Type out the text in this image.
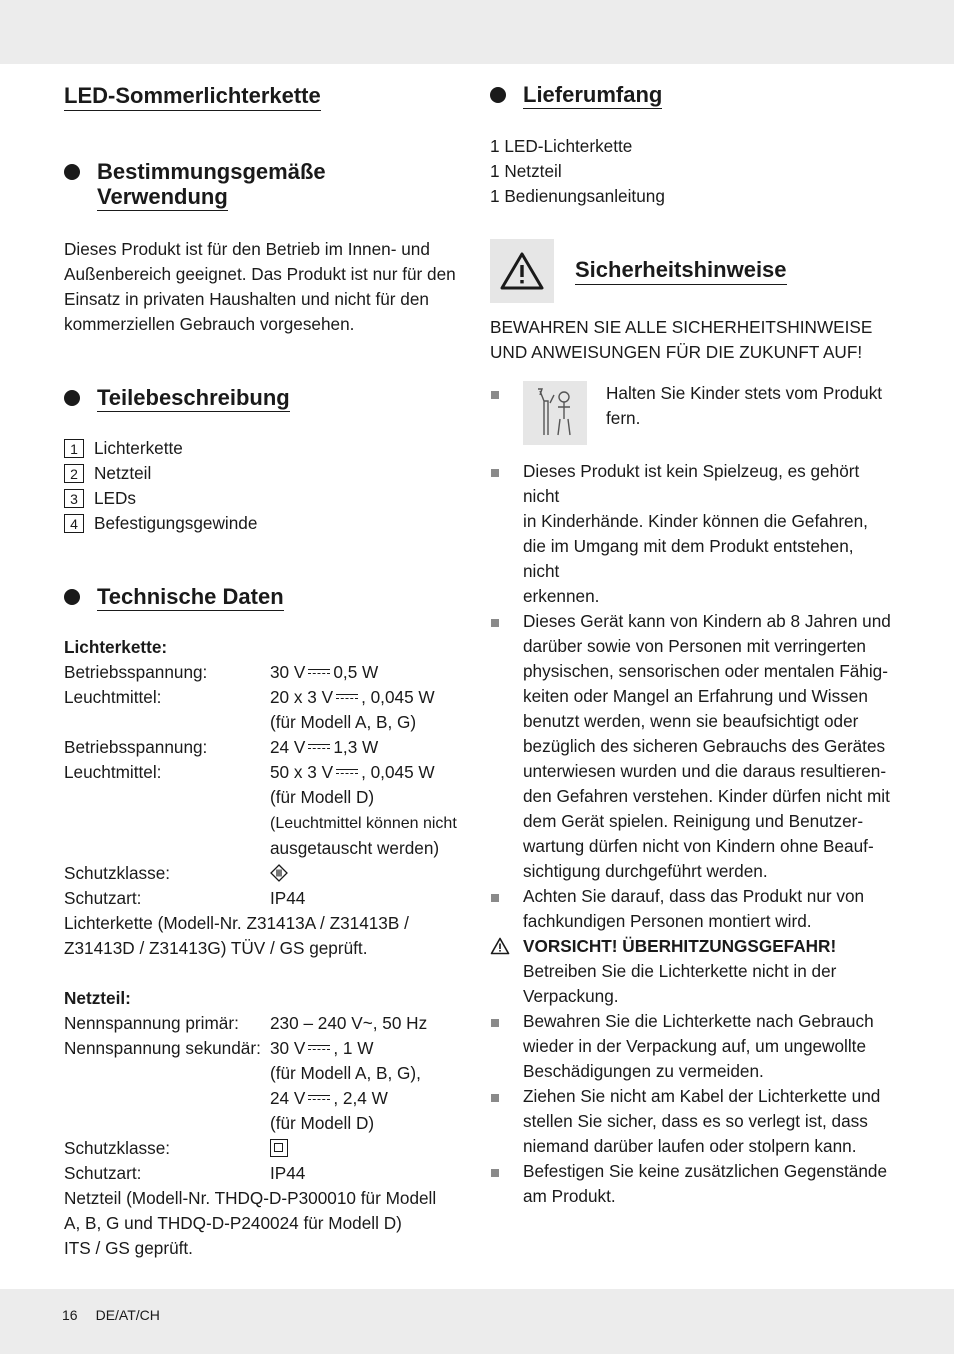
LED-Sommerlichterkette
Bestimmungsgemäße
Verwendung

Dieses Produkt ist für den Betrieb im Innen- und

Außenbereich geeignet. Das Produkt ist nur für den

Einsatz in privaten Haushalten und nicht für den

kommerziellen Gebrauch vorgesehen.

Teilebeschreibung
1 Lichterkette
2 Netzteil
3 LEDs
4 Befestigungsgewinde
Technische Daten

Lichterkette:

Betriebsspannung:	30 V 0,5 W
Leuchtmittel:	20 x 3 V , 0,045 W
(für Modell A, B, G)
Betriebsspannung:	24 V 1,3 W
Leuchtmittel:	50 x 3 V , 0,045 W
(für Modell D)
(Leuchtmittel können nicht
ausgetauscht werden)
Schutzklasse:
Schutzart:	IP44

Lichterkette (Modell-Nr. Z31413A / Z31413B /

Z31413D / Z31413G) TÜV / GS geprüft.

Netzteil:

Nennspannung primär:	230 – 240 V~, 50 Hz
Nennspannung sekundär: 30 V , 1 W
(für Modell A, B, G),
24 V , 2,4 W
(für Modell D)
Schutzklasse:
Schutzart:	IP44

Netzteil (Modell-Nr. THDQ-D-P300010 für Modell

A, B, G und THDQ-D-P240024 für Modell D)

ITS / GS geprüft.

Lieferumfang

1 LED-Lichterkette

1 Netzteil

1 Bedienungsanleitung

Sicherheitshinweise

BEWAHREN SIE ALLE SICHERHEITSHINWEISE

UND ANWEISUNGEN FÜR DIE ZUKUNFT AUF!

Halten Sie Kinder stets vom Produkt

fern.

Dieses Produkt ist kein Spielzeug, es gehört nicht

in Kinderhände. Kinder können die Gefahren,

die im Umgang mit dem Produkt entstehen, nicht

erkennen.

Dieses Gerät kann von Kindern ab 8 Jahren und

darüber sowie von Personen mit verringerten

physischen, sensorischen oder mentalen Fähig-

keiten oder Mangel an Erfahrung und Wissen

benutzt werden, wenn sie beaufsichtigt oder

bezüglich des sicheren Gebrauchs des Gerätes

unterwiesen wurden und die daraus resultieren-

den Gefahren verstehen. Kinder dürfen nicht mit

dem Gerät spielen. Reinigung und Benutzer-

wartung dürfen nicht von Kindern ohne Beauf-

sichtigung durchgeführt werden.

Achten Sie darauf, dass das Produkt nur von

fachkundigen Personen montiert wird.

VORSICHT! ÜBERHITZUNGSGEFAHR!

Betreiben Sie die Lichterkette nicht in der

Verpackung.

Bewahren Sie die Lichterkette nach Gebrauch

wieder in der Verpackung auf, um ungewollte

Beschädigungen zu vermeiden.

Ziehen Sie nicht am Kabel der Lichterkette und

stellen Sie sicher, dass es so verlegt ist, dass

niemand darüber laufen oder stolpern kann.

Befestigen Sie keine zusätzlichen Gegenstände

am Produkt.

16 DE/AT/CH
